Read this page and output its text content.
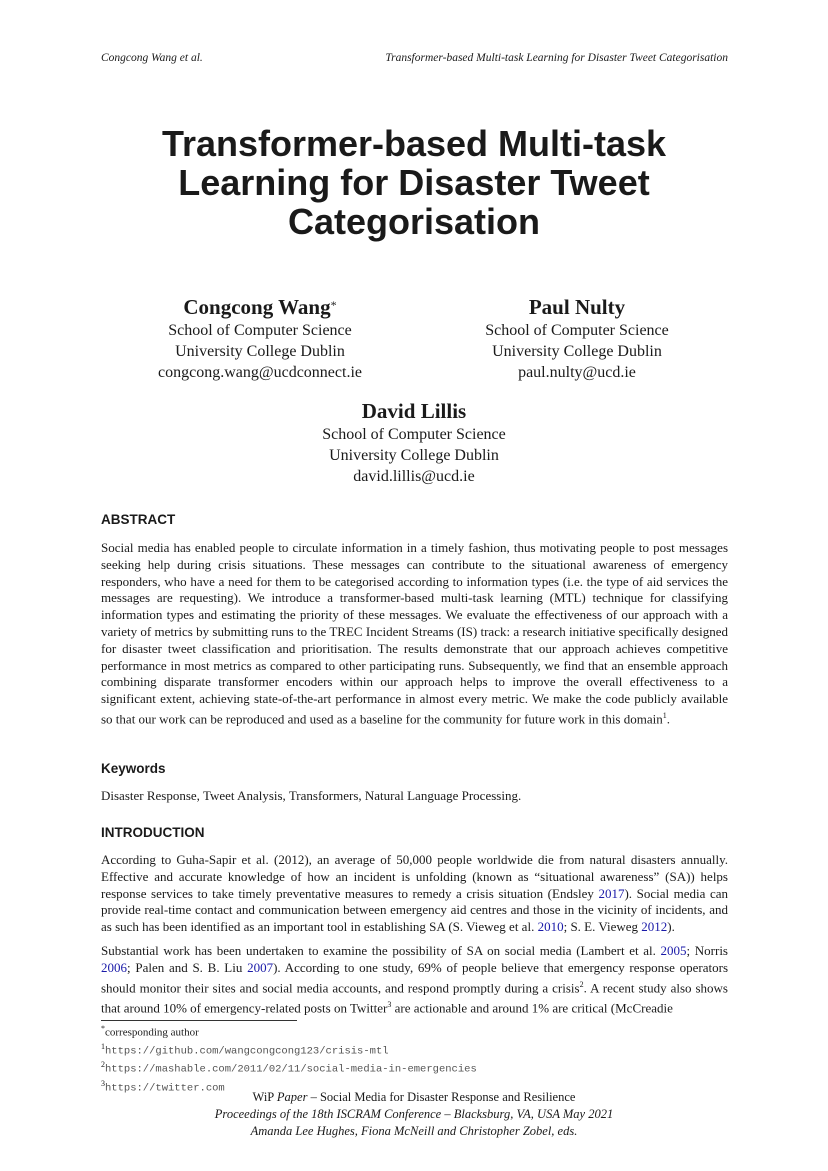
Congcong Wang et al.	Transformer-based Multi-task Learning for Disaster Tweet Categorisation
Transformer-based Multi-task
Learning for Disaster Tweet
Categorisation
Congcong Wang*
School of Computer Science
University College Dublin
congcong.wang@ucdconnect.ie
Paul Nulty
School of Computer Science
University College Dublin
paul.nulty@ucd.ie
David Lillis
School of Computer Science
University College Dublin
david.lillis@ucd.ie
ABSTRACT

Social media has enabled people to circulate information in a timely fashion, thus motivating people to post messages seeking help during crisis situations. These messages can contribute to the situational awareness of emergency responders, who have a need for them to be categorised according to information types (i.e. the type of aid services the messages are requesting). We introduce a transformer-based multi-task learning (MTL) technique for classifying information types and estimating the priority of these messages. We evaluate the effectiveness of our approach with a variety of metrics by submitting runs to the TREC Incident Streams (IS) track: a research initiative specifically designed for disaster tweet classification and prioritisation. The results demonstrate that our approach achieves competitive performance in most metrics as compared to other participating runs. Subsequently, we find that an ensemble approach combining disparate transformer encoders within our approach helps to improve the overall effectiveness to a significant extent, achieving state-of-the-art performance in almost every metric. We make the code publicly available so that our work can be reproduced and used as a baseline for the community for future work in this domain$^1$.

Keywords

Disaster Response, Tweet Analysis, Transformers, Natural Language Processing.

INTRODUCTION

According to Guha-Sapir et al. (2012), an average of 50,000 people worldwide die from natural disasters annually. Effective and accurate knowledge of how an incident is unfolding (known as “situational awareness” (SA)) helps response services to take timely preventative measures to remedy a crisis situation (Endsley 2017). Social media can provide real-time contact and communication between emergency aid centres and those in the vicinity of incidents, and as such has been identified as an important tool in establishing SA (S. Vieweg et al. 2010; S. E. Vieweg 2012).

Substantial work has been undertaken to examine the possibility of SA on social media (Lambert et al. 2005; Norris 2006; Palen and S. B. Liu 2007). According to one study, 69% of people believe that emergency response operators should monitor their sites and social media accounts, and respond promptly during a crisis$^2$. A recent study also shows that around 10% of emergency-related posts on Twitter$^3$ are actionable and around 1% are critical (McCreadie

*corresponding author
$^1$https://github.com/wangcongcong123/crisis-mtl
$^2$https://mashable.com/2011/02/11/social-media-in-emergencies
$^3$https://twitter.com
WiP Paper – Social Media for Disaster Response and Resilience
Proceedings of the 18th ISCRAM Conference – Blacksburg, VA, USA May 2021
Amanda Lee Hughes, Fiona McNeill and Christopher Zobel, eds.
